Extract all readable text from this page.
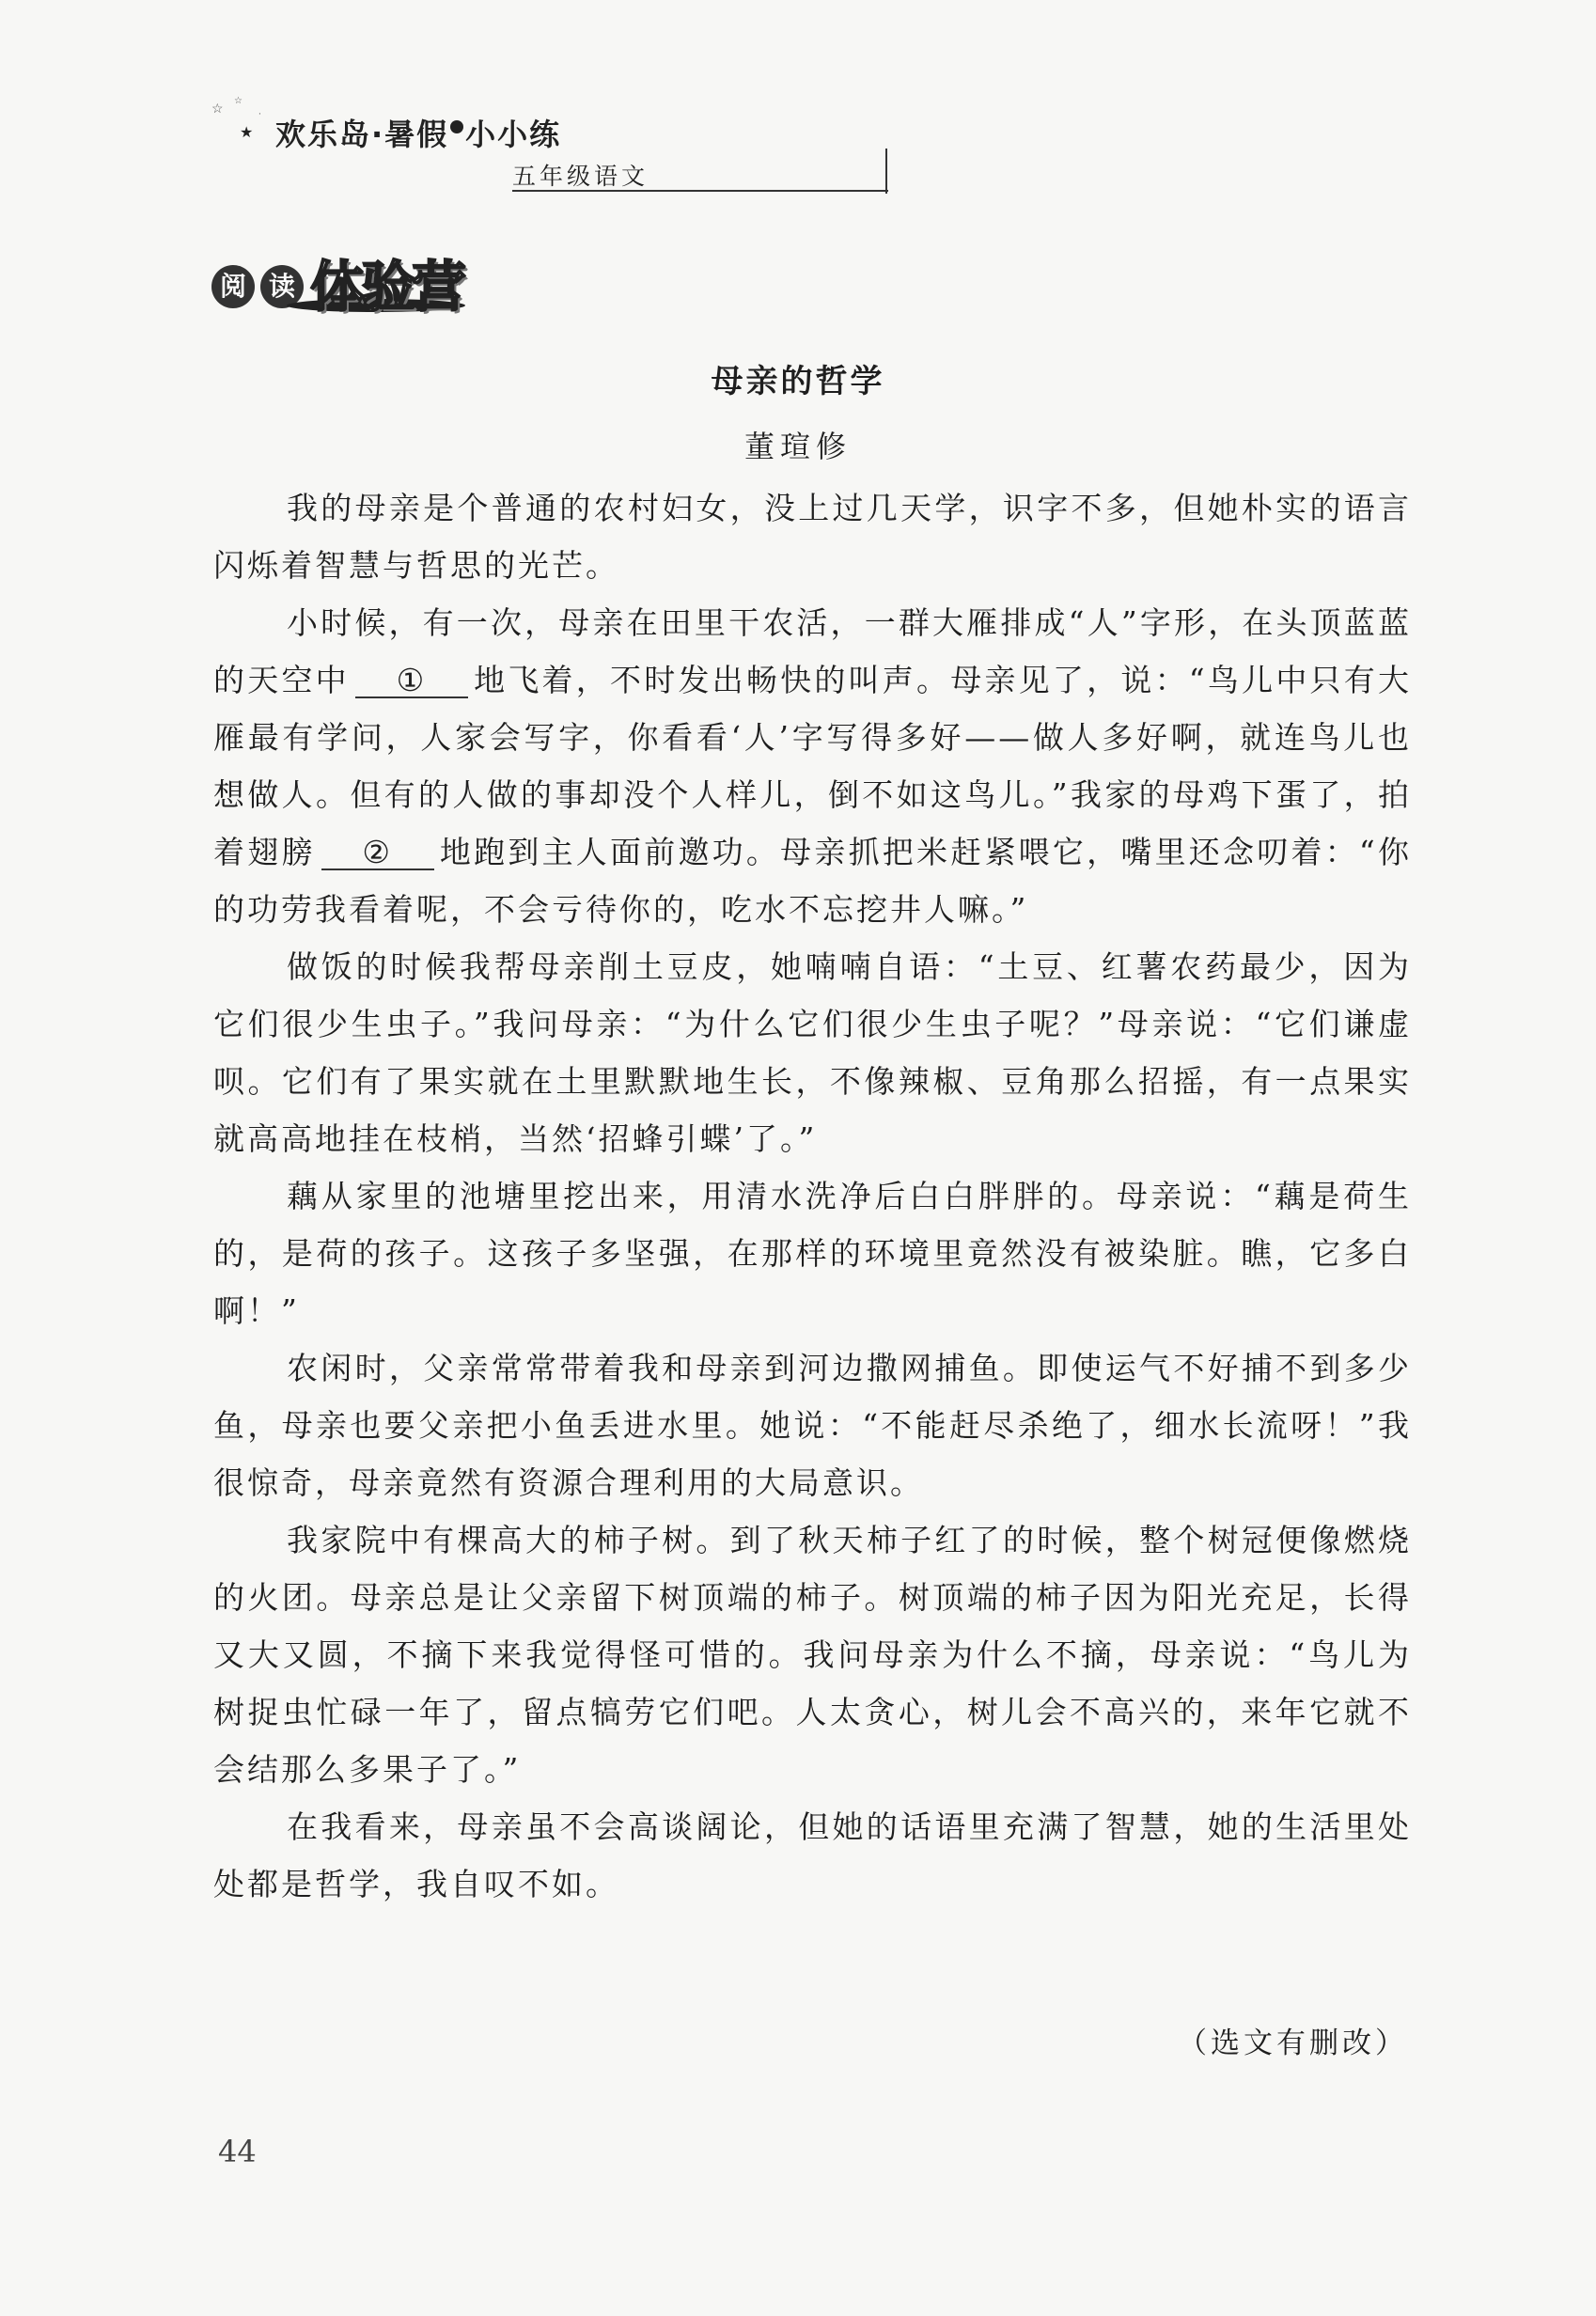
☆
☆
★
·
欢乐岛·暑假 小小练
五年级语文
阅 读 体验营
母亲的哲学
董瑄修

我的母亲是个普通的农村妇女，没上过几天学，识字不多，但她朴实的语言闪烁着智慧与哲思的光芒。

小时候，有一次，母亲在田里干农活，一群大雁排成“人”字形，在头顶蓝蓝的天空中 ① 地飞着，不时发出畅快的叫声。母亲见了，说：“鸟儿中只有大雁最有学问，人家会写字，你看看‘人’字写得多好——做人多好啊，就连鸟儿也想做人。但有的人做的事却没个人样儿，倒不如这鸟儿。”我家的母鸡下蛋了，拍着翅膀 ② 地跑到主人面前邀功。母亲抓把米赶紧喂它，嘴里还念叨着：“你的功劳我看着呢，不会亏待你的，吃水不忘挖井人嘛。”

做饭的时候我帮母亲削土豆皮，她喃喃自语：“土豆、红薯农药最少，因为它们很少生虫子。”我问母亲：“为什么它们很少生虫子呢？”母亲说：“它们谦虚呗。它们有了果实就在土里默默地生长，不像辣椒、豆角那么招摇，有一点果实就高高地挂在枝梢，当然‘招蜂引蝶’了。”

藕从家里的池塘里挖出来，用清水洗净后白白胖胖的。母亲说：“藕是荷生的，是荷的孩子。这孩子多坚强，在那样的环境里竟然没有被染脏。瞧，它多白啊！”

农闲时，父亲常常带着我和母亲到河边撒网捕鱼。即使运气不好捕不到多少鱼，母亲也要父亲把小鱼丢进水里。她说：“不能赶尽杀绝了，细水长流呀！”我很惊奇，母亲竟然有资源合理利用的大局意识。

我家院中有棵高大的柿子树。到了秋天柿子红了的时候，整个树冠便像燃烧的火团。母亲总是让父亲留下树顶端的柿子。树顶端的柿子因为阳光充足，长得又大又圆，不摘下来我觉得怪可惜的。我问母亲为什么不摘，母亲说：“鸟儿为树捉虫忙碌一年了，留点犒劳它们吧。人太贪心，树儿会不高兴的，来年它就不会结那么多果子了。”

在我看来，母亲虽不会高谈阔论，但她的话语里充满了智慧，她的生活里处处都是哲学，我自叹不如。

（选文有删改）
44
